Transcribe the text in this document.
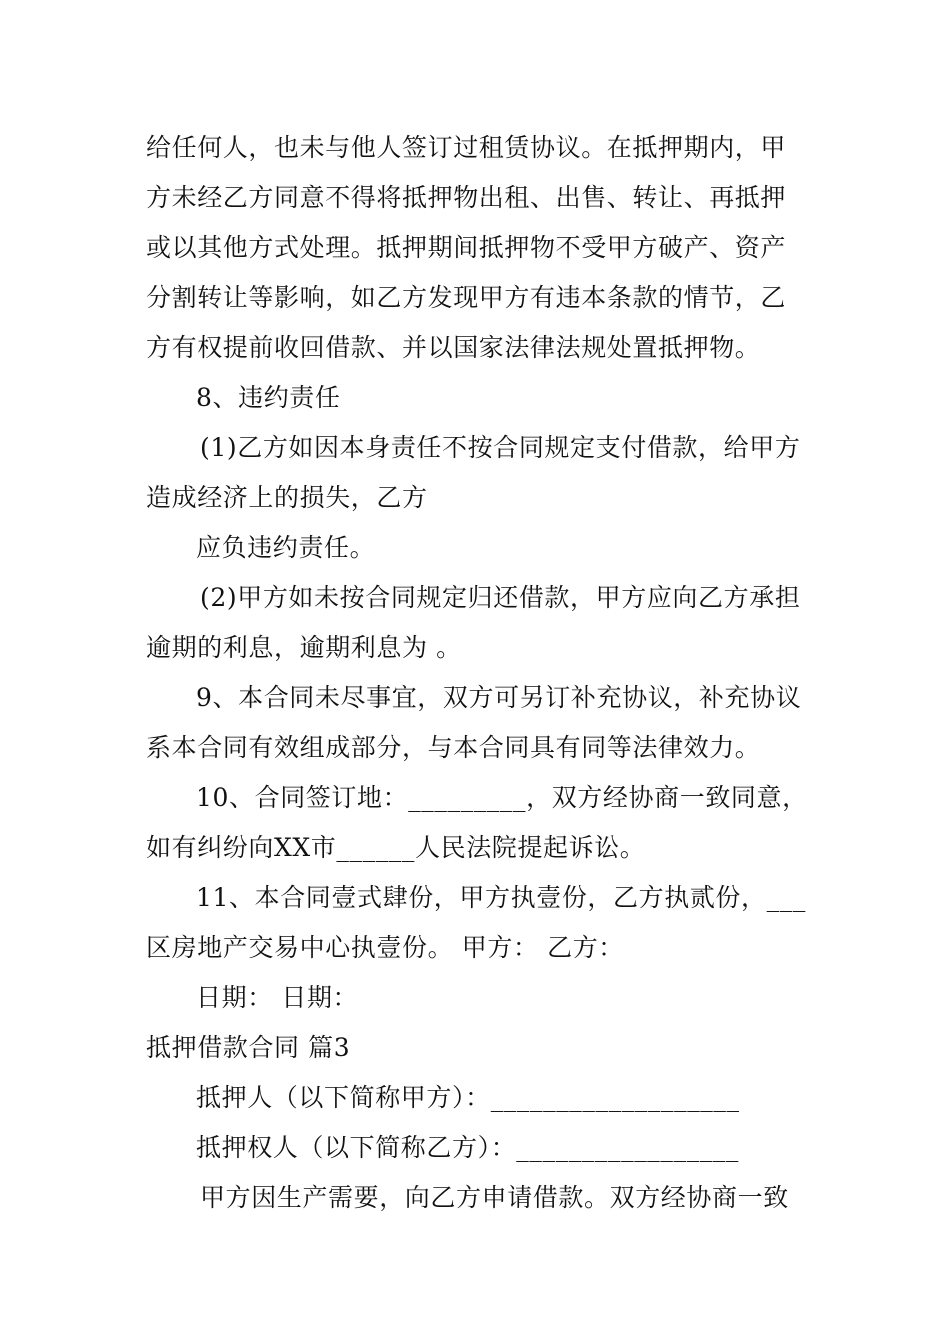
给任何人，也未与他人签订过租赁协议。在抵押期内，甲
方未经乙方同意不得将抵押物出租、出售、转让、再抵押
或以其他方式处理。抵押期间抵押物不受甲方破产、资产
分割转让等影响，如乙方发现甲方有违本条款的情节，乙
方有权提前收回借款、并以国家法律法规处置抵押物。
8、违约责任
(1)乙方如因本身责任不按合同规定支付借款，给甲方
造成经济上的损失，乙方
应负违约责任。
(2)甲方如未按合同规定归还借款，甲方应向乙方承担
逾期的利息，逾期利息为 。
9、本合同未尽事宜，双方可另订补充协议，补充协议
系本合同有效组成部分，与本合同具有同等法律效力。
10、合同签订地：_________，双方经协商一致同意，
如有纠纷向XX市______人民法院提起诉讼。
11、本合同壹式肆份，甲方执壹份，乙方执贰份，___
区房地产交易中心执壹份。 甲方： 乙方：
日期： 日期：
抵押借款合同 篇3
抵押人（以下简称甲方）：___________________
抵押权人（以下简称乙方）：_________________
甲方因生产需要，向乙方申请借款。双方经协商一致
